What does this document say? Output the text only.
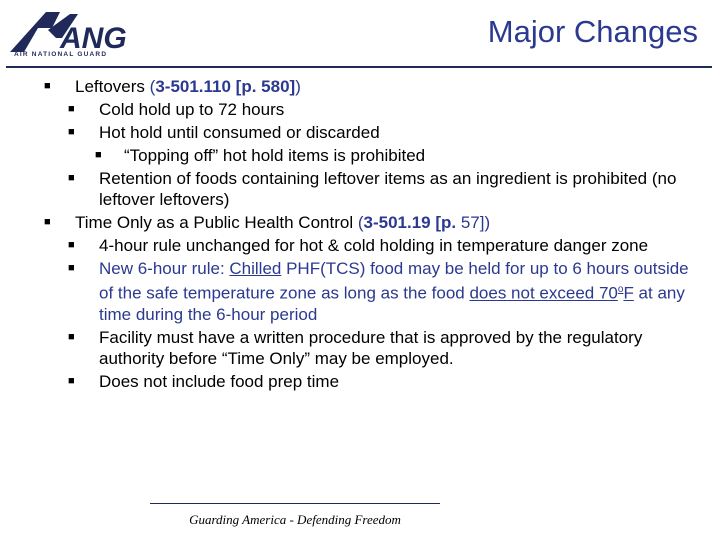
ANG
AIR NATIONAL GUARD
Major Changes
■ Leftovers (3-501.110 [p. 580])
■ Cold hold up to 72 hours
■ Hot hold until consumed or discarded
■ “Topping off” hot hold items is prohibited
■ Retention of foods containing leftover items as an ingredient is prohibited (no leftover leftovers)
■ Time Only as a Public Health Control (3-501.19 [p. 57])
■ 4-hour rule unchanged for hot & cold holding in temperature danger zone
■ New 6-hour rule: Chilled PHF(TCS) food may be held for up to 6 hours outside of the safe temperature zone as long as the food does not exceed 70$^o$F at any time during the 6-hour period
■ Facility must have a written procedure that is approved by the regulatory authority before “Time Only” may be employed.
■ Does not include food prep time
Guarding America - Defending Freedom
